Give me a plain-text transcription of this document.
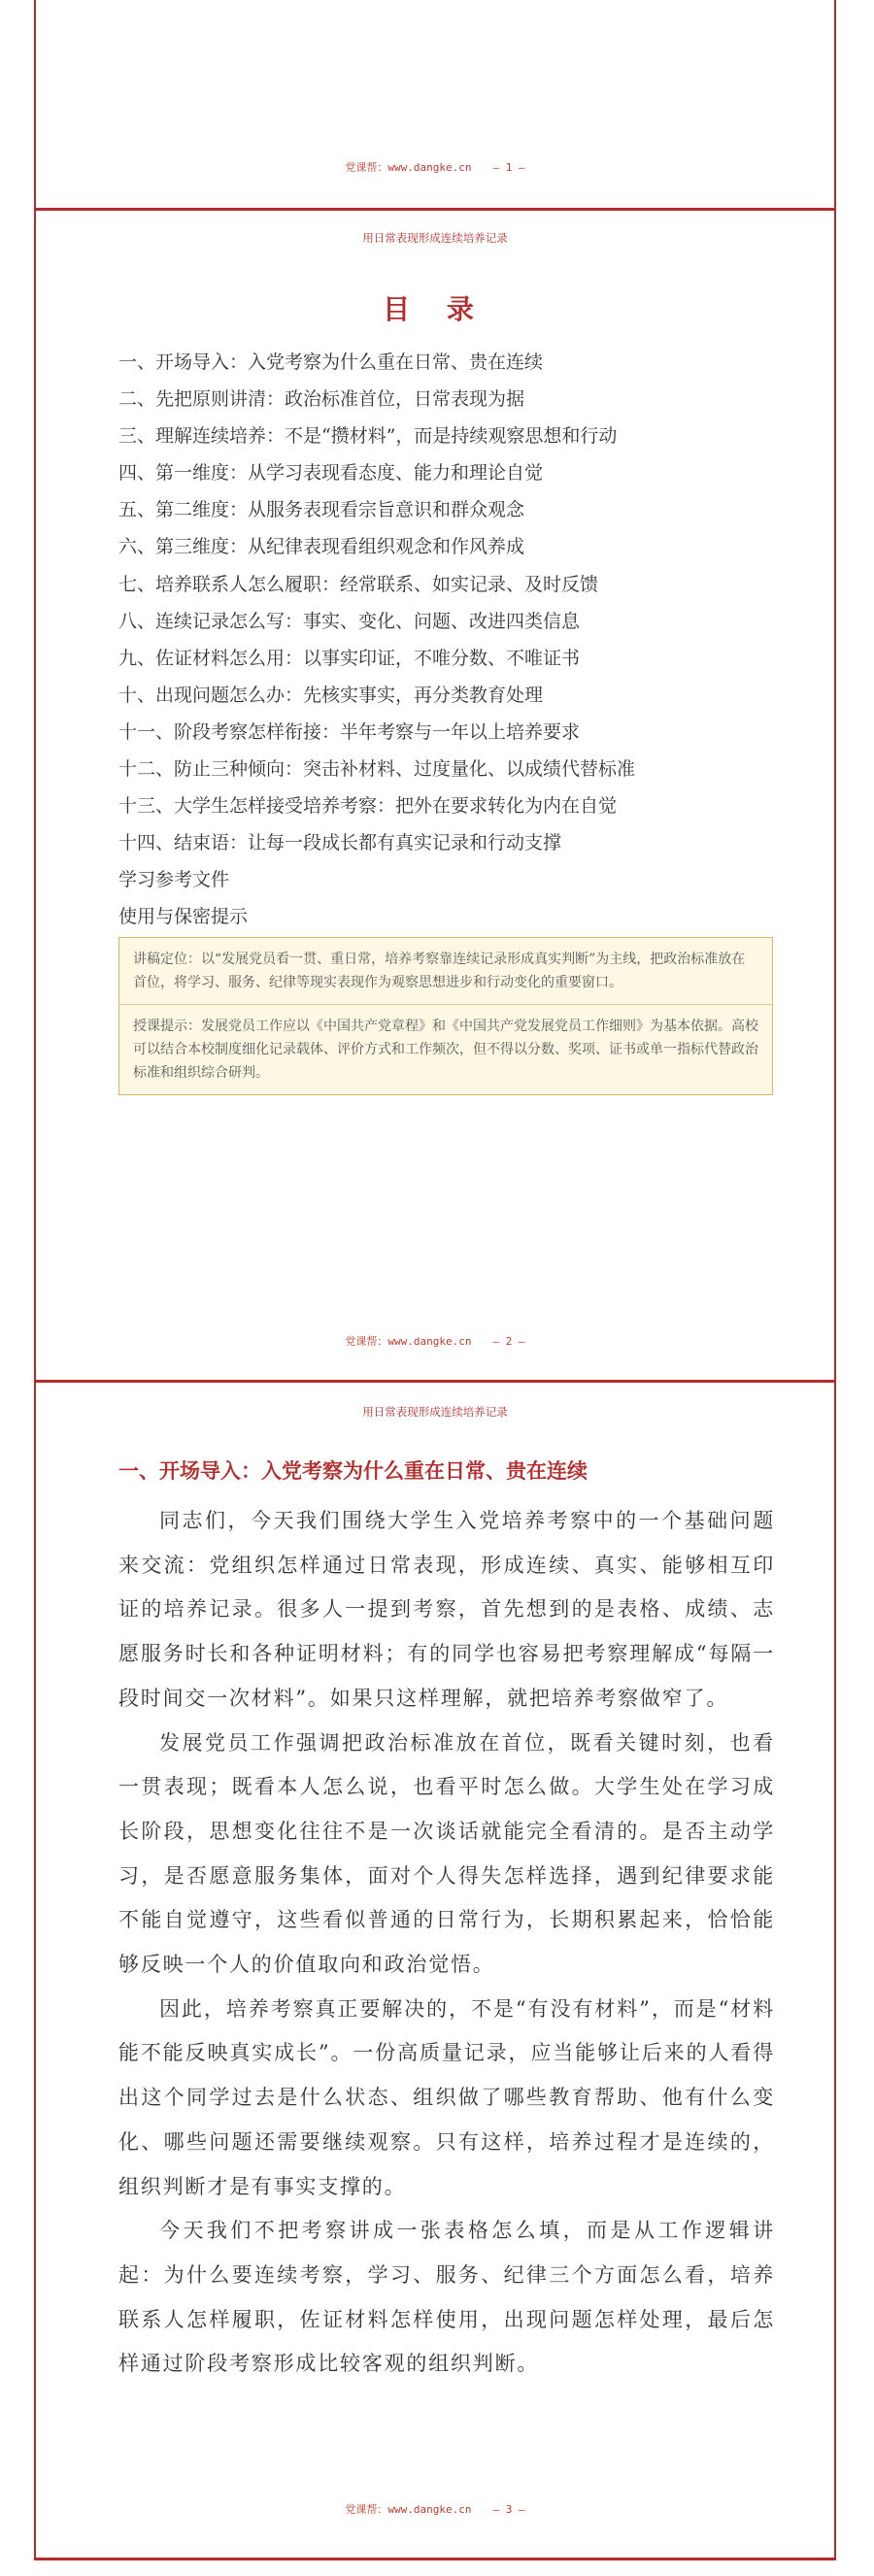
党课帮：www.dangke.cn — 1 —
用日常表现形成连续培养记录
目 录
一、开场导入：入党考察为什么重在日常、贵在连续
二、先把原则讲清：政治标准首位，日常表现为据
三、理解连续培养：不是“攒材料”，而是持续观察思想和行动
四、第一维度：从学习表现看态度、能力和理论自觉
五、第二维度：从服务表现看宗旨意识和群众观念
六、第三维度：从纪律表现看组织观念和作风养成
七、培养联系人怎么履职：经常联系、如实记录、及时反馈
八、连续记录怎么写：事实、变化、问题、改进四类信息
九、佐证材料怎么用：以事实印证，不唯分数、不唯证书
十、出现问题怎么办：先核实事实，再分类教育处理
十一、阶段考察怎样衔接：半年考察与一年以上培养要求
十二、防止三种倾向：突击补材料、过度量化、以成绩代替标准
十三、大学生怎样接受培养考察：把外在要求转化为内在自觉
十四、结束语：让每一段成长都有真实记录和行动支撑
学习参考文件
使用与保密提示

讲稿定位：以“发展党员看一贯、重日常，培养考察靠连续记录形成真实判断”为主线，把政治标准放在首位，将学习、服务、纪律等现实表现作为观察思想进步和行动变化的重要窗口。

授课提示：发展党员工作应以《中国共产党章程》和《中国共产党发展党员工作细则》为基本依据。高校可以结合本校制度细化记录载体、评价方式和工作频次，但不得以分数、奖项、证书或单一指标代替政治标准和组织综合研判。

党课帮：www.dangke.cn — 2 —
用日常表现形成连续培养记录
一、开场导入：入党考察为什么重在日常、贵在连续

同志们，今天我们围绕大学生入党培养考察中的一个基础问题来交流：党组织怎样通过日常表现，形成连续、真实、能够相互印证的培养记录。很多人一提到考察，首先想到的是表格、成绩、志愿服务时长和各种证明材料；有的同学也容易把考察理解成“每隔一段时间交一次材料”。如果只这样理解，就把培养考察做窄了。

发展党员工作强调把政治标准放在首位，既看关键时刻，也看一贯表现；既看本人怎么说，也看平时怎么做。大学生处在学习成长阶段，思想变化往往不是一次谈话就能完全看清的。是否主动学习，是否愿意服务集体，面对个人得失怎样选择，遇到纪律要求能不能自觉遵守，这些看似普通的日常行为，长期积累起来，恰恰能够反映一个人的价值取向和政治觉悟。

因此，培养考察真正要解决的，不是“有没有材料”，而是“材料能不能反映真实成长”。一份高质量记录，应当能够让后来的人看得出这个同学过去是什么状态、组织做了哪些教育帮助、他有什么变化、哪些问题还需要继续观察。只有这样，培养过程才是连续的，组织判断才是有事实支撑的。

今天我们不把考察讲成一张表格怎么填，而是从工作逻辑讲起：为什么要连续考察，学习、服务、纪律三个方面怎么看，培养联系人怎样履职，佐证材料怎样使用，出现问题怎样处理，最后怎样通过阶段考察形成比较客观的组织判断。

党课帮：www.dangke.cn — 3 —
